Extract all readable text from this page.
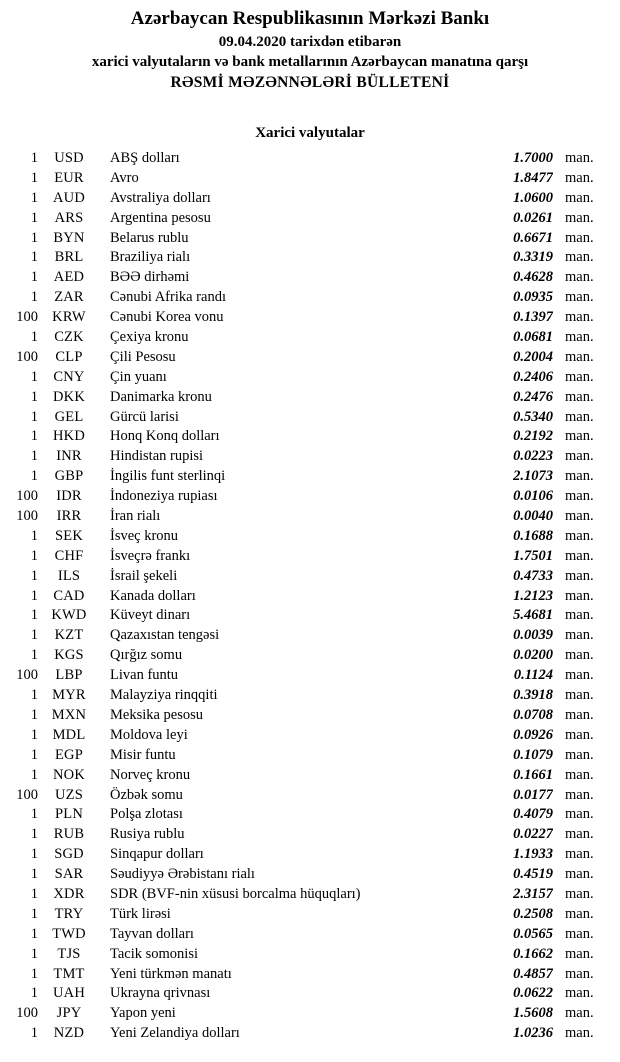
Azərbaycan Respublikasının Mərkəzi Bankı
09.04.2020 tarixdən etibarən
xarici valyutaların və bank metallarının Azərbaycan manatına qarşı
RƏSMİ MƏZƏNNƏLƏRİ BÜLLETENİ
Xarici valyutalar
1	USD	ABŞ dolları	1.7000 man.
1	EUR	Avro	1.8477 man.
1	AUD	Avstraliya dolları	1.0600 man.
1	ARS	Argentina pesosu	0.0261 man.
1	BYN	Belarus rublu	0.6671 man.
1	BRL	Braziliya rialı	0.3319 man.
1	AED	BƏƏ dirhəmi	0.4628 man.
1	ZAR	Cənubi Afrika randı	0.0935 man.
100 KRW	Cənubi Korea vonu	0.1397 man.
1	CZK	Çexiya kronu	0.0681 man.
100	CLP	Çili Pesosu	0.2004 man.
1	CNY	Çin yuanı	0.2406 man.
1	DKK	Danimarka kronu	0.2476 man.
1	GEL	Gürcü larisi	0.5340 man.
1	HKD	Honq Konq dolları	0.2192 man.
1	INR	Hindistan rupisi	0.0223 man.
1	GBP	İngilis funt sterlinqi	2.1073 man.
100	IDR	İndoneziya rupiası	0.0106 man.
100	IRR	İran rialı	0.0040 man.
1	SEK	İsveç kronu	0.1688 man.
1	CHF	İsveçrə frankı	1.7501 man.
1	ILS	İsrail şekeli	0.4733 man.
1	CAD	Kanada dolları	1.2123 man.
1 KWD	Küveyt dinarı	5.4681 man.
1	KZT	Qazaxıstan tengəsi	0.0039 man.
1	KGS	Qırğız somu	0.0200 man.
100	LBP	Livan funtu	0.1124 man.
1 MYR	Malayziya rinqqiti	0.3918 man.
1 MXN	Meksika pesosu	0.0708 man.
1	MDL	Moldova leyi	0.0926 man.
1	EGP	Misir funtu	0.1079 man.
1	NOK	Norveç kronu	0.1661 man.
100	UZS	Özbək somu	0.0177 man.
1	PLN	Polşa zlotası	0.4079 man.
1	RUB	Rusiya rublu	0.0227 man.
1	SGD	Sinqapur dolları	1.1933 man.
1	SAR	Səudiyyə Ərəbistanı rialı	0.4519 man.
1	XDR	SDR (BVF-nin xüsusi borcalma hüquqları)	2.3157 man.
1	TRY	Türk lirəsi	0.2508 man.
1 TWD	Tayvan dolları	0.0565 man.
1	TJS	Tacik somonisi	0.1662 man.
1	TMT	Yeni türkmən manatı	0.4857 man.
1	UAH	Ukrayna qrivnası	0.0622 man.
100	JPY	Yapon yeni	1.5608 man.
1	NZD	Yeni Zelandiya dolları	1.0236 man.
